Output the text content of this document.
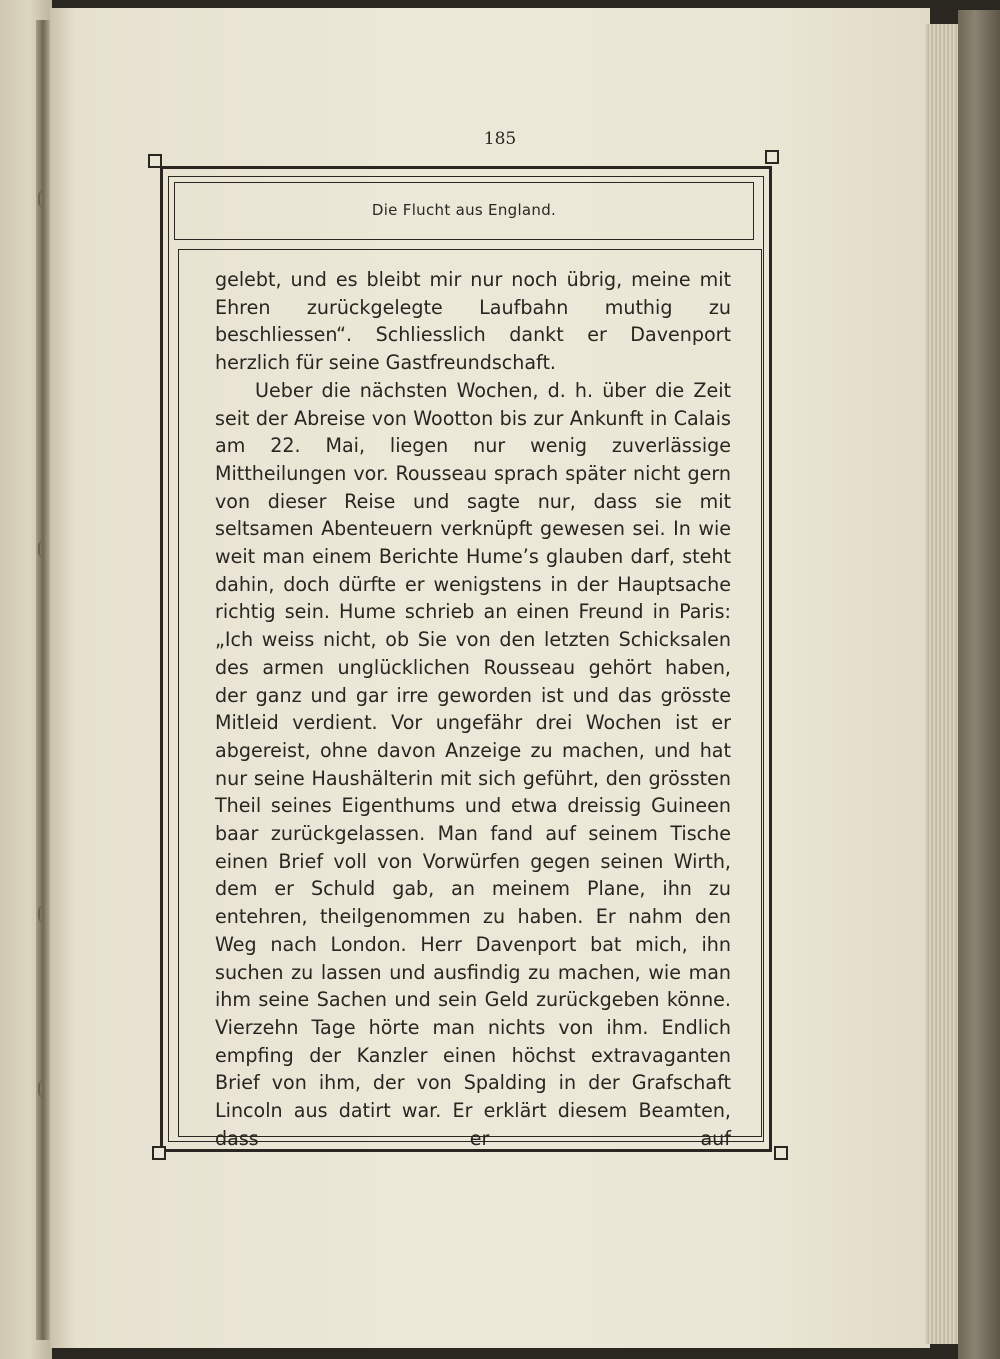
185
Die Flucht aus England.

gelebt, und es bleibt mir nur noch übrig, meine mit Ehren zurückgelegte Laufbahn muthig zu beschliessen“. Schliesslich dankt er Davenport herzlich für seine Gastfreundschaft.

Ueber die nächsten Wochen, d. h. über die Zeit seit der Abreise von Wootton bis zur Ankunft in Calais am 22. Mai, liegen nur wenig zuverlässige Mittheilungen vor. Rousseau sprach später nicht gern von dieser Reise und sagte nur, dass sie mit seltsamen Abenteuern verknüpft gewesen sei. In wie weit man einem Berichte Hume’s glauben darf, steht dahin, doch dürfte er wenigstens in der Hauptsache richtig sein. Hume schrieb an einen Freund in Paris: „Ich weiss nicht, ob Sie von den letzten Schicksalen des armen unglücklichen Rousseau gehört haben, der ganz und gar irre geworden ist und das grösste Mitleid verdient. Vor ungefähr drei Wochen ist er abgereist, ohne davon Anzeige zu machen, und hat nur seine Haushälterin mit sich geführt, den grössten Theil seines Eigenthums und etwa dreissig Guineen baar zurückgelassen. Man fand auf seinem Tische einen Brief voll von Vorwürfen gegen seinen Wirth, dem er Schuld gab, an meinem Plane, ihn zu entehren, theilgenommen zu haben. Er nahm den Weg nach London. Herr Davenport bat mich, ihn suchen zu lassen und ausfindig zu machen, wie man ihm seine Sachen und sein Geld zurückgeben könne. Vierzehn Tage hörte man nichts von ihm. Endlich empfing der Kanzler einen höchst extravaganten Brief von ihm, der von Spalding in der Grafschaft Lincoln aus datirt war. Er erklärt diesem Beamten, dass er auf
